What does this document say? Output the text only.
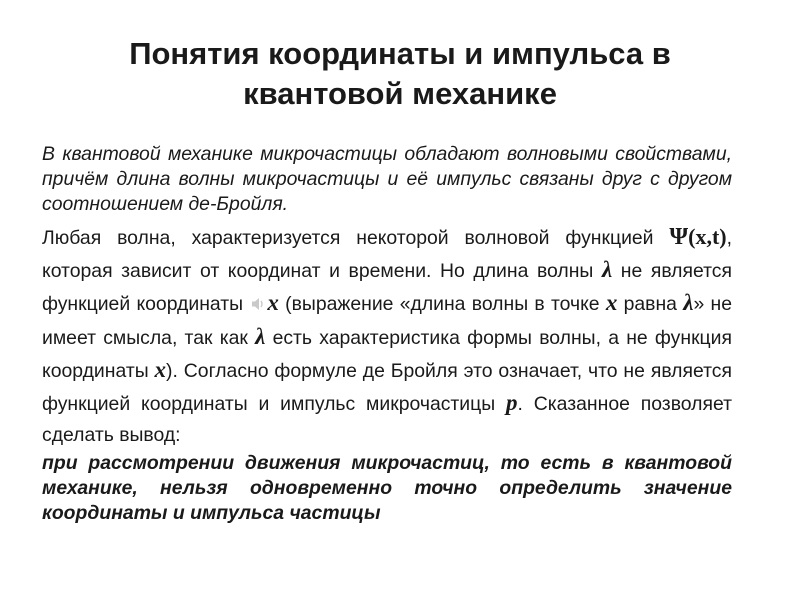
Понятия координаты и импульса в квантовой механике

В квантовой механике микрочастицы обладают волновыми свойствами, причём длина волны микрочастицы и её импульс связаны друг с другом соотношением де-Бройля.

Любая волна, характеризуется некоторой волновой функцией Ψ(x,t), которая зависит от координат и времени. Но длина волны λ не является функцией координаты x (выражение «длина волны в точке x равна λ» не имеет смысла, так как λ есть характеристика формы волны, а не функция координаты x). Согласно формуле де Бройля это означает, что не является функцией координаты и импульс микрочастицы p. Сказанное позволяет сделать вывод:

при рассмотрении движения микрочастиц, то есть в квантовой механике, нельзя одновременно точно определить значение координаты и импульса частицы
